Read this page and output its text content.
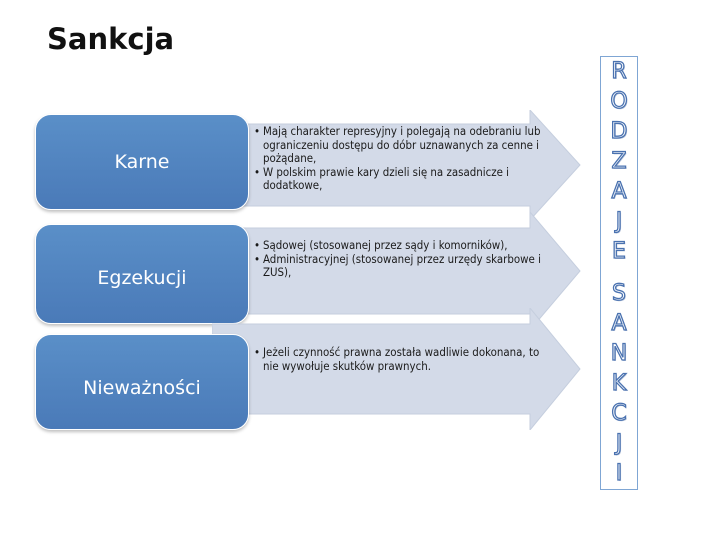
Sankcja
Karne
• Mają charakter represyjny i polegają na odebraniu lub ograniczeniu dostępu do dóbr uznawanych za cenne i pożądane,
• W polskim prawie kary dzieli się na zasadnicze i dodatkowe,
Egzekucji
• Sądowej (stosowanej przez sądy i komorników),
• Administracyjnej (stosowanej przez urzędy skarbowe i ZUS),
Nieważności
• Jeżeli czynność prawna została wadliwie dokonana, to nie wywołuje skutków prawnych.
R
O
D
Z
A
J
E
S
A
N
K
C
J
I
